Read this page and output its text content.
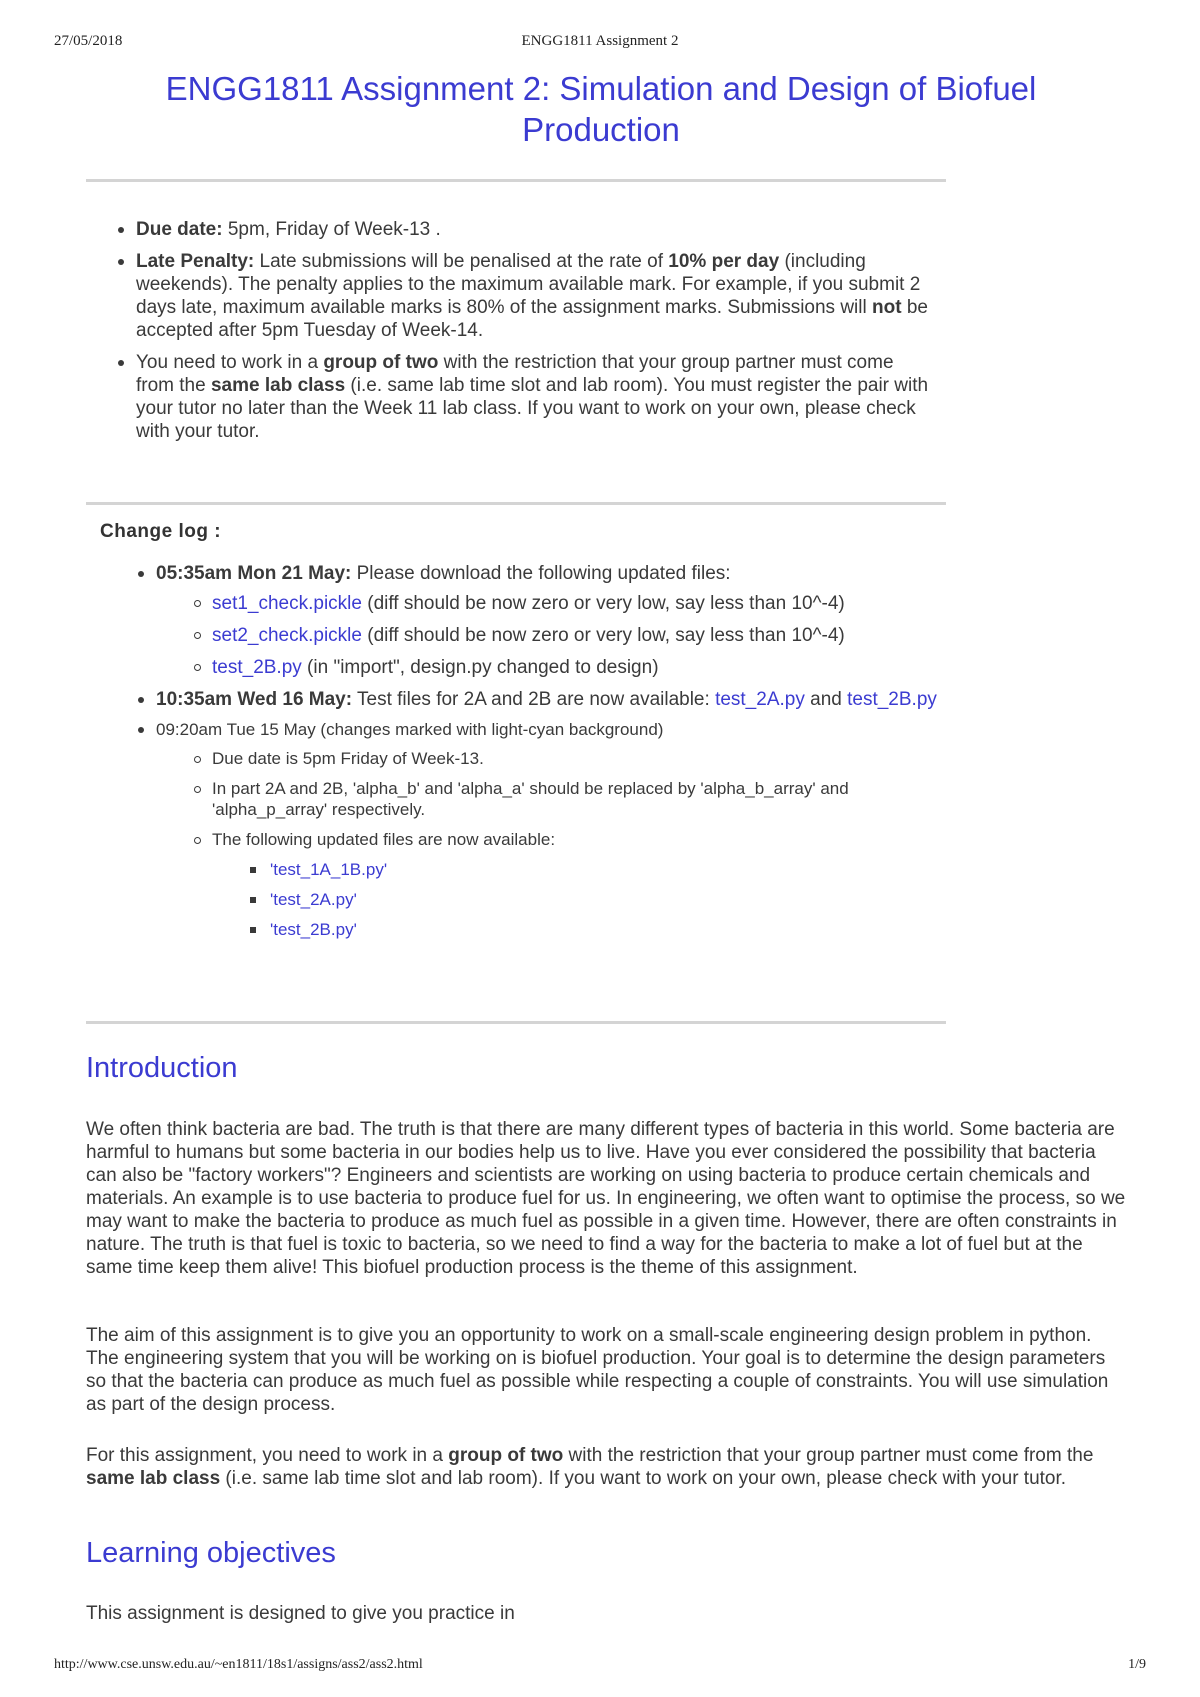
27/05/2018	ENGG1811 Assignment 2
ENGG1811 Assignment 2: Simulation and Design of Biofuel Production
Due date: 5pm, Friday of Week-13 .
Late Penalty: Late submissions will be penalised at the rate of 10% per day (including weekends). The penalty applies to the maximum available mark. For example, if you submit 2 days late, maximum available marks is 80% of the assignment marks. Submissions will not be accepted after 5pm Tuesday of Week-14.
You need to work in a group of two with the restriction that your group partner must come from the same lab class (i.e. same lab time slot and lab room). You must register the pair with your tutor no later than the Week 11 lab class. If you want to work on your own, please check with your tutor.
Change log :
05:35am Mon 21 May: Please download the following updated files:
set1_check.pickle (diff should be now zero or very low, say less than 10^-4)
set2_check.pickle (diff should be now zero or very low, say less than 10^-4)
test_2B.py (in "import", design.py changed to design)
10:35am Wed 16 May: Test files for 2A and 2B are now available: test_2A.py and test_2B.py
09:20am Tue 15 May (changes marked with light-cyan background)
Due date is 5pm Friday of Week-13.
In part 2A and 2B, 'alpha_b' and 'alpha_a' should be replaced by 'alpha_b_array' and 'alpha_p_array' respectively.
The following updated files are now available:
'test_1A_1B.py'
'test_2A.py'
'test_2B.py'
Introduction

We often think bacteria are bad. The truth is that there are many different types of bacteria in this world. Some bacteria are harmful to humans but some bacteria in our bodies help us to live. Have you ever considered the possibility that bacteria can also be "factory workers"? Engineers and scientists are working on using bacteria to produce certain chemicals and materials. An example is to use bacteria to produce fuel for us. In engineering, we often want to optimise the process, so we may want to make the bacteria to produce as much fuel as possible in a given time. However, there are often constraints in nature. The truth is that fuel is toxic to bacteria, so we need to find a way for the bacteria to make a lot of fuel but at the same time keep them alive! This biofuel production process is the theme of this assignment.

The aim of this assignment is to give you an opportunity to work on a small-scale engineering design problem in python. The engineering system that you will be working on is biofuel production. Your goal is to determine the design parameters so that the bacteria can produce as much fuel as possible while respecting a couple of constraints. You will use simulation as part of the design process.

For this assignment, you need to work in a group of two with the restriction that your group partner must come from the same lab class (i.e. same lab time slot and lab room). If you want to work on your own, please check with your tutor.

Learning objectives

This assignment is designed to give you practice in

http://www.cse.unsw.edu.au/~en1811/18s1/assigns/ass2/ass2.html	1/9
